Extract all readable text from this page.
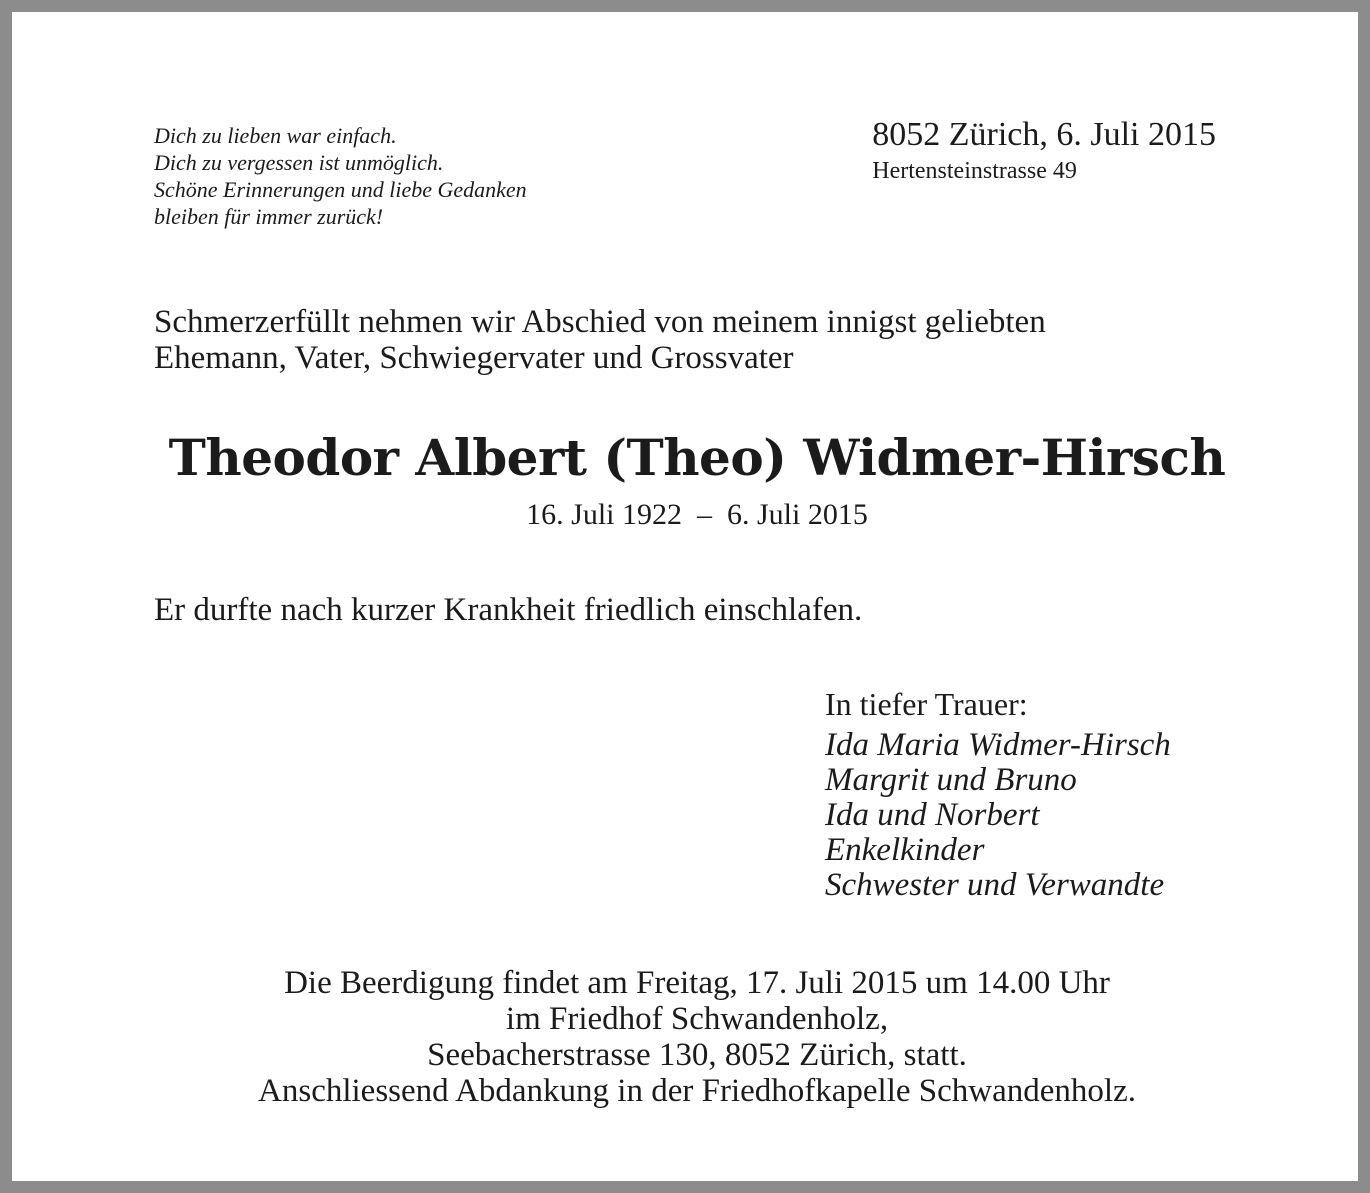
Dich zu lieben war einfach.
Dich zu vergessen ist unmöglich.
Schöne Erinnerungen und liebe Gedanken
bleiben für immer zurück!
8052 Zürich, 6. Juli 2015
Hertensteinstrasse 49
Schmerzerfüllt nehmen wir Abschied von meinem innigst geliebten
Ehemann, Vater, Schwiegervater und Grossvater
Theodor Albert (Theo) Widmer-Hirsch
16. Juli 1922  –  6. Juli 2015
Er durfte nach kurzer Krankheit friedlich einschlafen.
In tiefer Trauer:
Ida Maria Widmer-Hirsch
Margrit und Bruno
Ida und Norbert
Enkelkinder
Schwester und Verwandte
Die Beerdigung findet am Freitag, 17. Juli 2015 um 14.00 Uhr
im Friedhof Schwandenholz,
Seebacherstrasse 130, 8052 Zürich, statt.
Anschliessend Abdankung in der Friedhofkapelle Schwandenholz.
